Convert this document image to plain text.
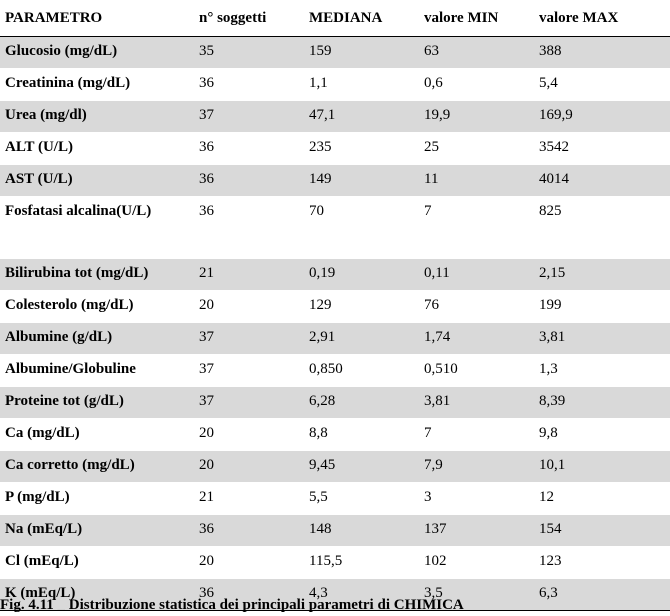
PARAMETRO	n° soggetti	MEDIANA	valore MIN	valore MAX
Glucosio (mg/dL)	35	159	63	388
Creatinina (mg/dL)	36	1,1	0,6	5,4
Urea (mg/dl)	37	47,1	19,9	169,9
ALT (U/L)	36	235	25	3542
AST (U/L)	36	149	11	4014
Fosfatasi alcalina(U/L)	36	70	7	825
Bilirubina tot (mg/dL)	21	0,19	0,11	2,15
Colesterolo (mg/dL)	20	129	76	199
Albumine (g/dL)	37	2,91	1,74	3,81
Albumine/Globuline	37	0,850	0,510	1,3
Proteine tot (g/dL)	37	6,28	3,81	8,39
Ca (mg/dL)	20	8,8	7	9,8
Ca corretto (mg/dL)	20	9,45	7,9	10,1
P (mg/dL)	21	5,5	3	12
Na (mEq/L)	36	148	137	154
Cl (mEq/L)	20	115,5	102	123
K (mEq/L)	36	4,3	3,5	6,3
Fig. 4.11 _ Distribuzione statistica dei principali parametri di CHIMICA
